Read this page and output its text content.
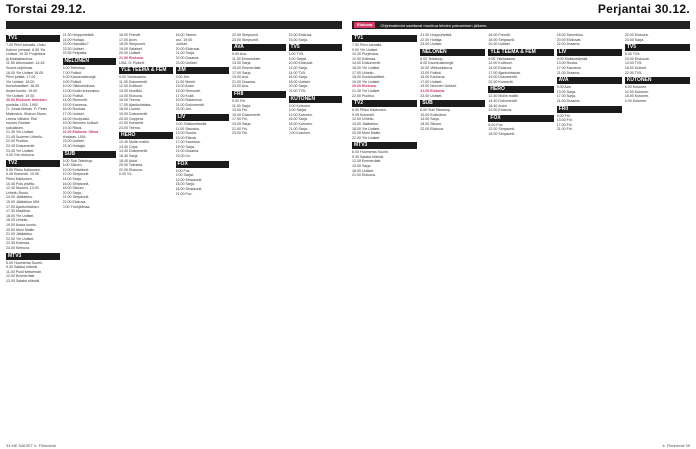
Torstai 29.12.
TV1
7.00 Pihvi samalla. Osku
Kainun porsaat. 8.55 Yle
Uutiset. 10.30 Purjehdus
ja Mokkakauhua.
11.55 Ulkomaiset. 14.45
Suomi-ohjelmaa.
16.00 Yle Uutiset 16.05
Pihvi juhlaa. 17.00
Yle Uutiset. 18.00
Kuninkaalliset. 18.05
Avara luonto. 19.00
Yle Uutiset. 19.30
20.00 Elokuva: Ihmisten
puolella. USA. 1992.
O: Jonas Mekas. P: Peter
Malkovich, Sharon Stone,
Leena Väliaho. Etsi
nuoren Ruotsin
sukulaisen.
21.30 Yle Uutiset.
21.45 Suomen Urheilu.
22.00 Puoliso.
22.45 Dokumentti.
23.45 Yle Uutiset.
0.00 Yön elokuva.
TV2
6.50 Pikku Kakkonen.
9.45 Kummeli. 10.00
Pikku Kakkonen.
10.45 Pois pilvilta.
12.40 Muumit. 13.00
Urheilu-Ruutu.
14.00 Jääkiekko.
15.00 Jääkiekon MM.
17.00 Ajankohtainen.
17.30 Maailma.
18.00 Yle Uutiset.
18.25 Urheilu.
19.00 Avara luonto.
20.00 Moni Mallin.
21.00 Jääkiekko.
22.00 Yle Uutiset.
22.30 Kotimaa.
23.00 Kiehuva.
MTV3
6.00 Huomenta Suomi.
9.30 Salatut elämät.
11.00 Puoli seitsemän.
12.00 Emmerdale.
13.00 Salatut elämät.
21.30 Huippuhetkiä.
22.00 Hoitaja.
23.00 Haluatko?
23.30 Uutiset.
23.55 Pelipaita.
NELONEN
6.00 Teleshop.
7.00 Poliisit.
8.00 Kauneuskirurgit.
9.00 Poliisit.
10.00 Viikkoelokuva.
12.00 Kodin kunnostus.
13.00 Poliisit.
14.00 Remontti.
15.00 Kauneus.
16.00 Ruokaa.
17.00 Uutiset.
18.00 Huvipuisto.
19.00 Nelonen Uutiset.
19.30 Rikos.
21.00 Elokuva: Oikea
ehdokas. USA.
23.00 Uutiset.
23.30 Hoitajat.
SUB
6.00 Sub Teleshop.
8.00 Sitcom.
10.00 Kotivideot.
12.00 Simpsonit.
14.00 Sarja.
16.00 Simpsonit.
18.00 Sitcom.
20.00 Sarja.
21.00 Simpsonit.
22.00 Elokuva.
0.00 Yöohjelmaa.
16.00 Frendit.
17.00 Alvin.
18.00 Simpsonit.
19.00 Salaiset.
20.00 Uutiset.
21.00 Elokuva.
USA. O: Robert.
YLE TEEMA & FEM
9.00 Ykkösaamu.
11.00 Dokumentti.
12.00 Kulttuuri.
13.00 Musiikki.
14.00 Elokuva.
16.00 Teema.
17.00 Ajankohtaista.
18.00 Luonto.
19.00 Dokumentti.
20.00 Ooppera.
22.00 Konsertti.
23.00 Teema.
HERO
12.40 Mullin mallin.
13.40 Cops.
14.40 Dokumentti.
16.40 Sarja.
18.40 Autot.
20.00 Toiminta.
22.00 Elokuva.
0.00 Yö.
18.00 Tammi-
kuu. 19.00
Uutiset.
20.00 Elokuvat.
21.00 Sarja.
22.00 Draama.
23.00 Uutiset.
JIM
9.00 Jim.
11.00 Meteli.
13.00 Autot.
15.00 Remontti.
17.00 Kokit.
19.00 Rakennus.
21.00 Dokumentti.
23.00 Jim.
LIV
9.00 Sinkkuelämää.
11.00 Sisustus.
13.00 Ruoka.
15.00 Elämä.
17.00 Kauneus.
19.00 Sarja.
21.00 Draama.
23.00 Liv.
FOX
6.00 Fox.
9.00 Sarjat.
12.00 Simpsonit.
15.00 Sarja.
18.00 Simpsonit.
21.00 Fox.
22.00 Simpsonit.
23.00 Simpsonit.
AVA
9.00 Ava.
11.00 Emmerdale.
13.00 Sarja.
15.00 Emmerdale.
17.00 Sarja.
19.00 Ava.
21.00 Draama.
23.00 Ava.
FRII
9.00 Frii.
11.00 Sarja.
13.00 Frii.
15.00 Dokumentti.
17.00 Frii.
19.00 Sarja.
21.00 Frii.
23.00 Frii.
22.00 Elokuva.
23.00 Sarja.
TV5
6.00 TV5.
8.00 Sarjat.
10.00 Elokuvat.
12.00 Sarja.
14.00 TV5.
16.00 Sarja.
18.00 Uutiset.
20.00 Sarja.
22.00 TV5.
KUTONEN
6.00 Kutonen.
9.00 Sarjat.
12.00 Kutonen.
15.00 Sarja.
18.00 Kutonen.
21.00 Sarja.
0.00 Kutonen.
34 ME NAISET Ir. Filmiviesti
Perjantai 30.12.
Elokuva	Ohjelmatiedot saattavat muuttua lehden painumisen jälkeen.
TV1
7.00 Pihvi samalla.
9.00 Yle Uutiset.
10.30 Purjehdus.
12.00 Kotimaa.
14.00 Dokumentti.
16.00 Yle Uutiset.
17.00 Urheilu.
18.00 Kuninkaalliset.
19.00 Yle Uutiset.
20.00 Elokuva.
21.30 Yle Uutiset.
22.00 Puoliso.
TV2
6.50 Pikku Kakkonen.
9.45 Kummeli.
12.00 Urheilu.
15.00 Jääkiekko.
18.00 Yle Uutiset.
20.00 Moni Mallin.
22.00 Yle Uutiset.
MTV3
6.00 Huomenta Suomi.
9.30 Salatut elämät.
12.00 Emmerdale.
15.00 Sarja.
18.00 Uutiset.
21.00 Elokuva.
21.30 Huippuhetkiä.
22.00 Hoitaja.
23.00 Uutiset.
NELONEN
6.00 Teleshop.
8.00 Kauneuskirurgit.
10.00 Viikkoelokuva.
13.00 Poliisit.
15.00 Kauneus.
17.00 Uutiset.
19.00 Nelonen Uutiset.
21.00 Elokuva.
23.00 Uutiset.
SUB
6.00 Sub Teleshop.
10.00 Kotivideot.
14.00 Sarja.
18.00 Sitcom.
22.00 Elokuva.
16.00 Frendit.
18.00 Simpsonit.
20.00 Uutiset.
YLE TEEMA & FEM
9.00 Ykkösaamu.
12.00 Kulttuuri.
14.00 Elokuva.
17.00 Ajankohtaista.
19.00 Dokumentti.
22.00 Konsertti.
HERO
12.40 Mullin mallin.
14.40 Dokumentti.
18.40 Autot.
22.00 Elokuva.
FOX
6.00 Fox.
12.00 Simpsonit.
18.00 Simpsonit.
18.00 Tammikuu.
20.00 Elokuvat.
22.00 Draama.
LIV
9.00 Sinkkuelämää.
13.00 Ruoka.
17.00 Kauneus.
21.00 Draama.
AVA
9.00 Ava.
13.00 Sarja.
17.00 Sarja.
21.00 Draama.
FRII
9.00 Frii.
13.00 Frii.
17.00 Frii.
21.00 Frii.
22.00 Elokuva.
23.00 Sarja.
TV5
6.00 TV5.
10.00 Elokuvat.
14.00 TV5.
18.00 Uutiset.
22.00 TV5.
KUTONEN
6.00 Kutonen.
12.00 Kutonen.
18.00 Kutonen.
0.00 Kutonen.
Ir. Filmiviesti 35
